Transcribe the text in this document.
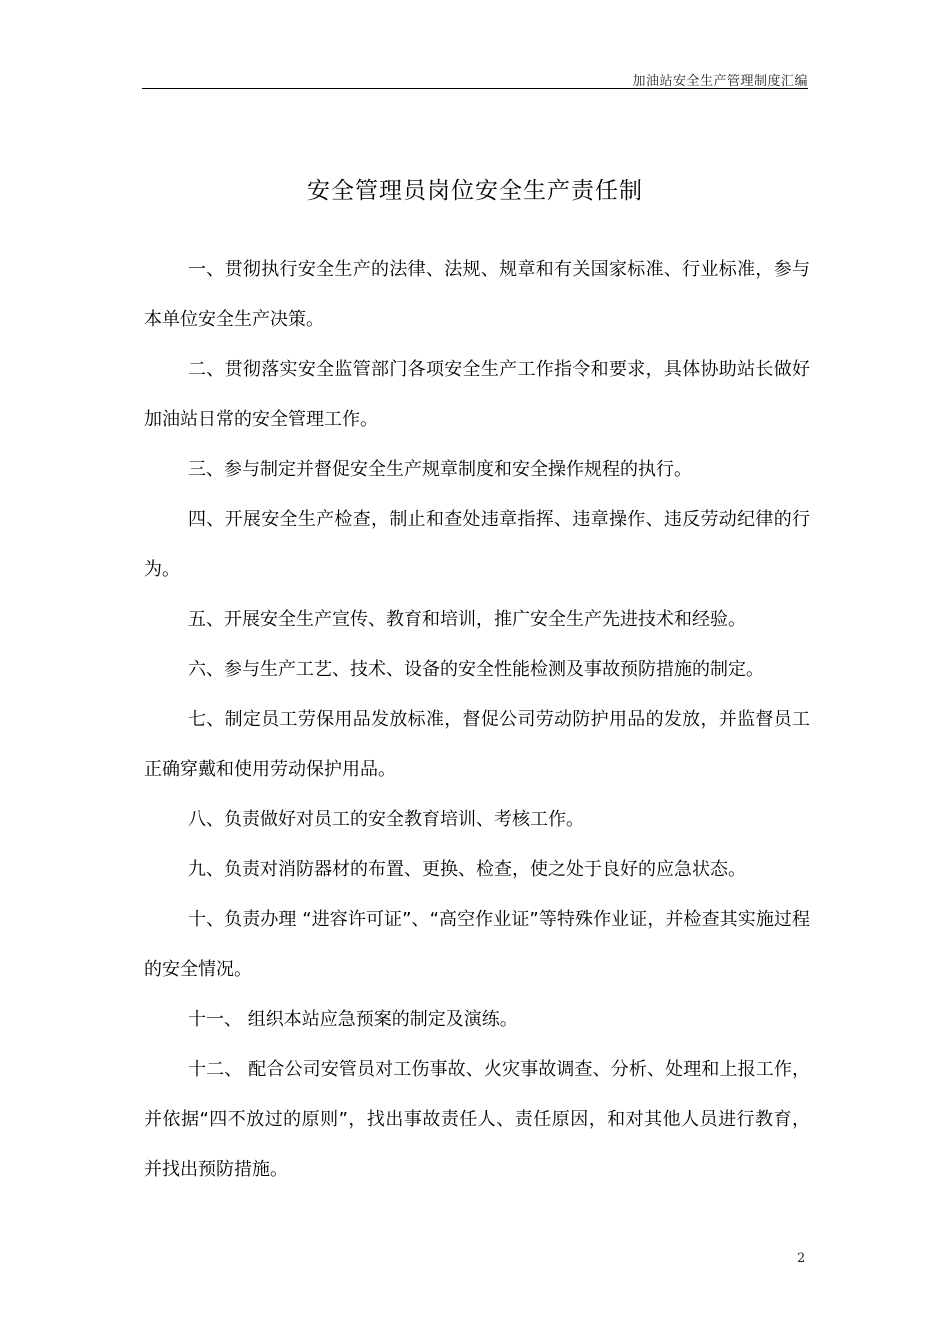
加油站安全生产管理制度汇编
安全管理员岗位安全生产责任制

一、贯彻执行安全生产的法律、法规、规章和有关国家标准、行业标准，参与本单位安全生产决策。

二、贯彻落实安全监管部门各项安全生产工作指令和要求，具体协助站长做好加油站日常的安全管理工作。

三、参与制定并督促安全生产规章制度和安全操作规程的执行。

四、开展安全生产检查，制止和查处违章指挥、违章操作、违反劳动纪律的行为。

五、开展安全生产宣传、教育和培训，推广安全生产先进技术和经验。

六、参与生产工艺、技术、设备的安全性能检测及事故预防措施的制定。

七、制定员工劳保用品发放标准，督促公司劳动防护用品的发放，并监督员工正确穿戴和使用劳动保护用品。

八、负责做好对员工的安全教育培训、考核工作。

九、负责对消防器材的布置、更换、检查，使之处于良好的应急状态。

十、负责办理 “进容许可证”、“高空作业证”等特殊作业证，并检查其实施过程的安全情况。

十一、 组织本站应急预案的制定及演练。

十二、 配合公司安管员对工伤事故、火灾事故调查、分析、处理和上报工作，并依据“四不放过的原则”，找出事故责任人、责任原因，和对其他人员进行教育，并找出预防措施。

2
